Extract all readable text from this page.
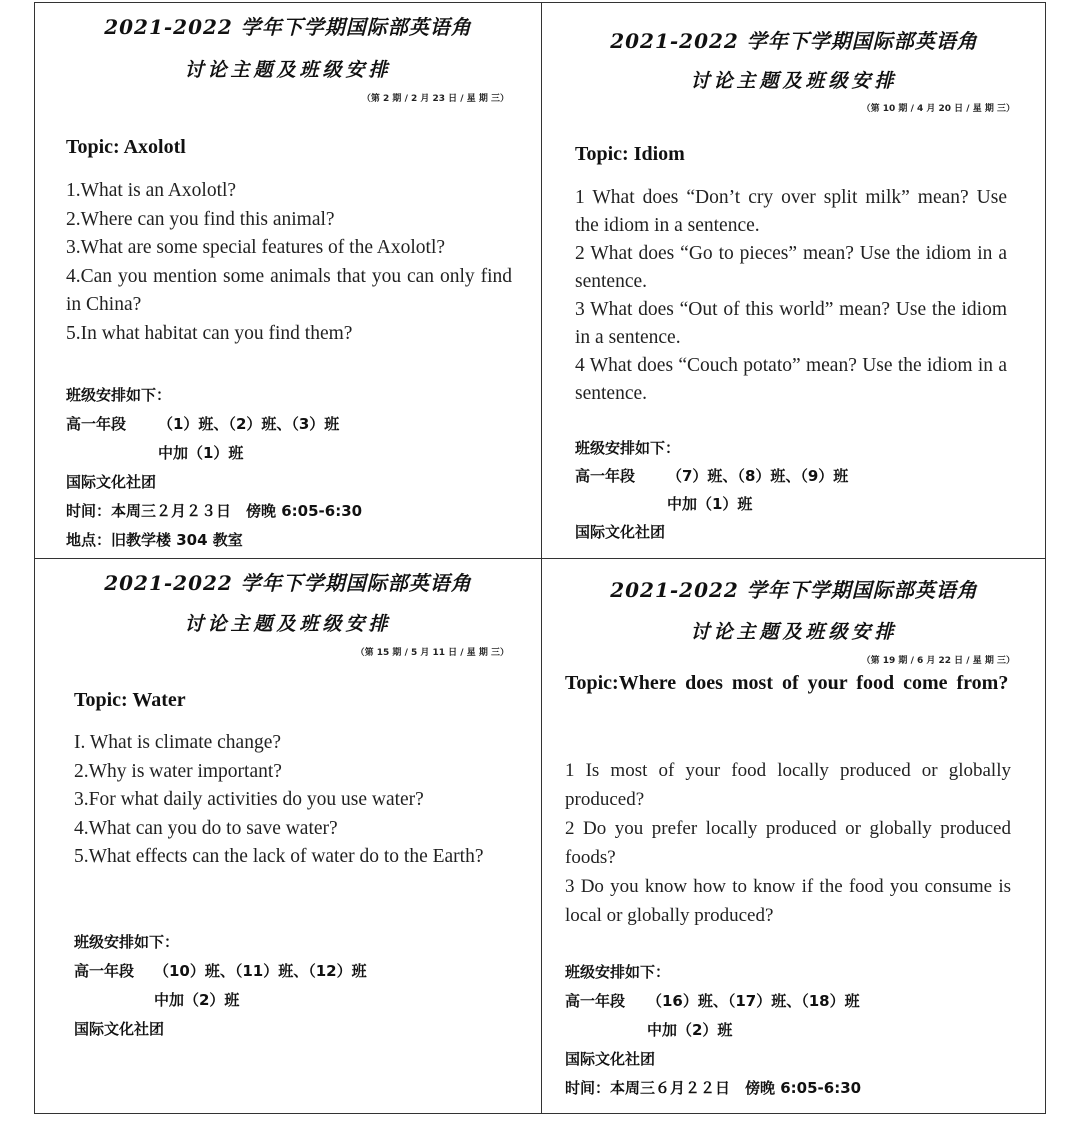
2021-2022 学年下学期国际部英语角
讨论主题及班级安排
（第 2 期 / 2 月 23 日 / 星 期 三）
Topic: Axolotl
1.What is an Axolotl?
2.Where can you find this animal?
3.What are some special features of the Axolotl?
4.Can you mention some animals that you can only find in China?
5.In what habitat can you find them?
班级安排如下：
高一年段 （1）班、（2）班、（3）班
中加（1）班
国际文化社团
时间：本周三２月２３日　傍晚 6:05-6:30
地点：旧教学楼 304 教室
2021-2022 学年下学期国际部英语角
讨论主题及班级安排
（第 10 期 / 4 月 20 日 / 星 期 三）
Topic: Idiom
1 What does “Don’t cry over split milk” mean? Use the idiom in a sentence.
2 What does “Go to pieces” mean? Use the idiom in a sentence.
3 What does “Out of this world” mean? Use the idiom in a sentence.
4 What does “Couch potato” mean? Use the idiom in a sentence.
班级安排如下：
高一年段 （7）班、（8）班、（9）班
中加（1）班
国际文化社团
2021-2022 学年下学期国际部英语角
讨论主题及班级安排
（第 15 期 / 5 月 11 日 / 星 期 三）
Topic: Water
I. What is climate change?
2.Why is water important?
3.For what daily activities do you use water?
4.What can you do to save water?
5.What effects can the lack of water do to the Earth?
班级安排如下：
高一年段 （10）班、（11）班、（12）班
中加（2）班
国际文化社团
2021-2022 学年下学期国际部英语角
讨论主题及班级安排
（第 19 期 / 6 月 22 日 / 星 期 三）
Topic:Where does most of your food come from?
1 Is most of your food locally produced or globally produced?
2 Do you prefer locally produced or globally produced foods?
3 Do you know how to know if the food you consume is local or globally produced?
班级安排如下：
高一年段 （16）班、（17）班、（18）班
中加（2）班
国际文化社团
时间：本周三６月２２日　傍晚 6:05-6:30
